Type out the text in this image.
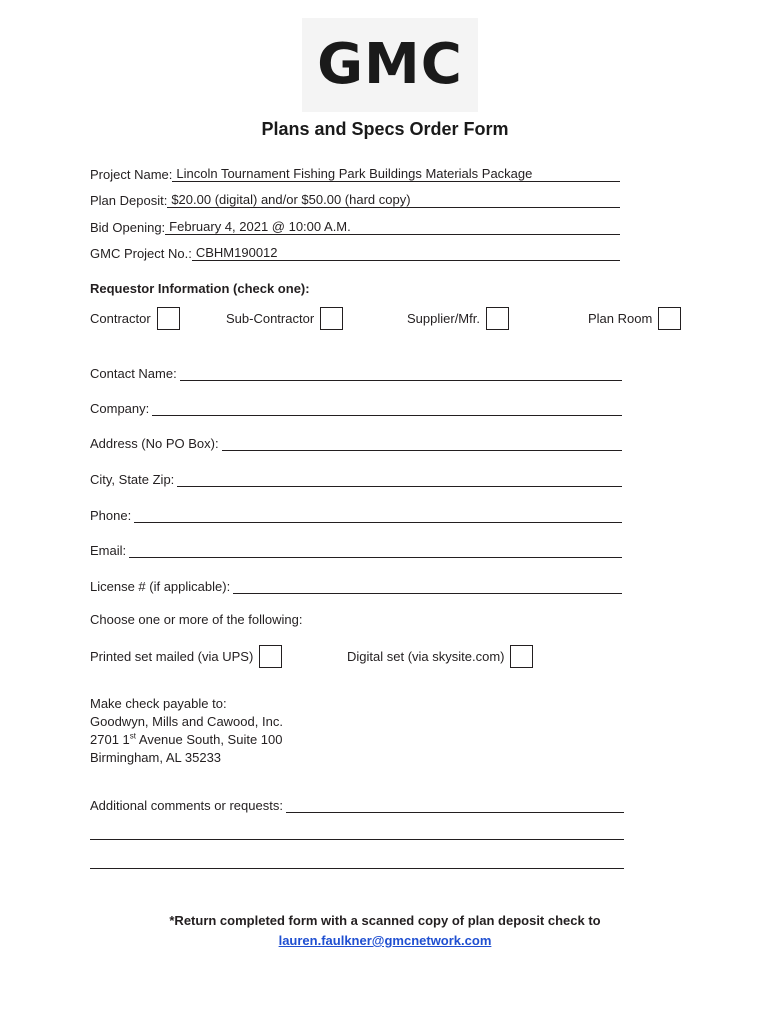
GMC
Plans and Specs Order Form
Project Name: Lincoln Tournament Fishing Park Buildings Materials Package
Plan Deposit: $20.00 (digital) and/or $50.00 (hard copy)
Bid Opening: February 4, 2021 @ 10:00 A.M.
GMC Project No.: CBHM190012
Requestor Information (check one):
Contractor	Sub-Contractor	Supplier/Mfr.	Plan Room
Contact Name:
Company:
Address (No PO Box):
City, State Zip:
Phone:
Email:
License # (if applicable):
Choose one or more of the following:
Printed set mailed (via UPS)	Digital set (via skysite.com)
Make check payable to:
Goodwyn, Mills and Cawood, Inc.
2701 1st Avenue South, Suite 100
Birmingham, AL 35233
Additional comments or requests:
*Return completed form with a scanned copy of plan deposit check to
lauren.faulkner@gmcnetwork.com
